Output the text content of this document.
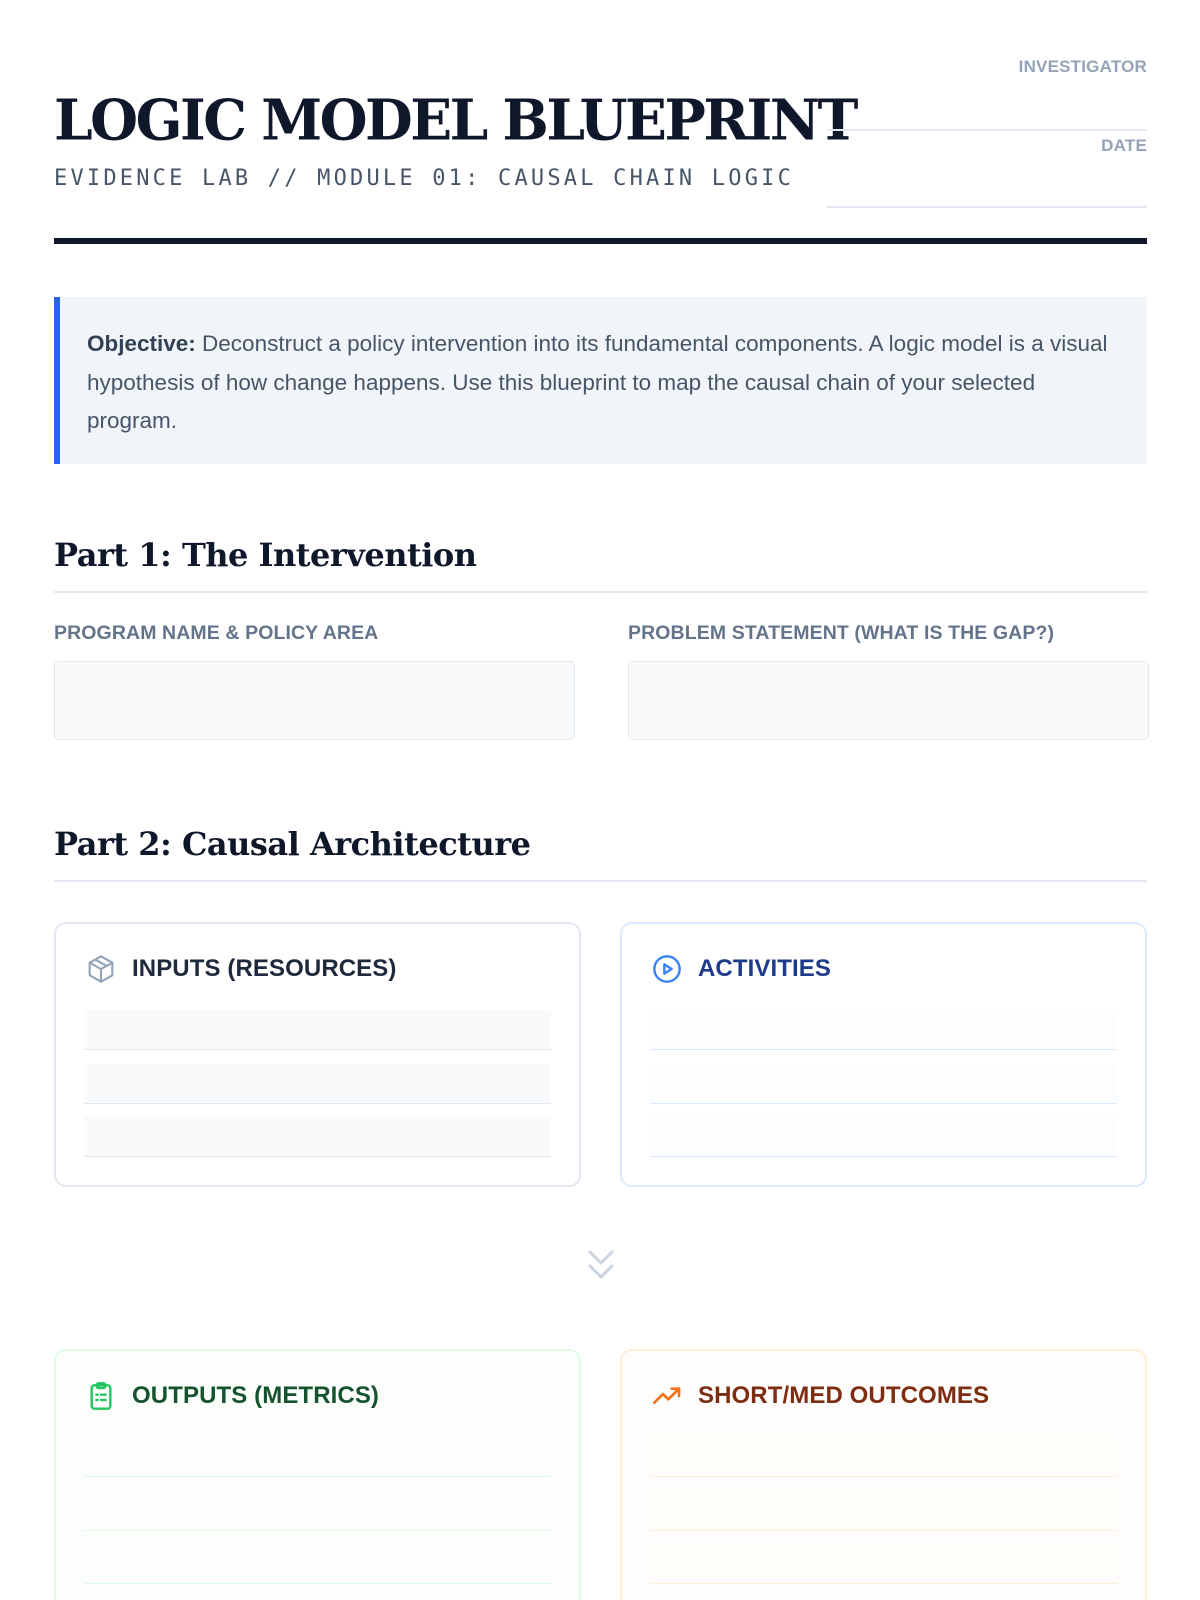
LOGIC MODEL BLUEPRINT
EVIDENCE LAB // MODULE 01: CAUSAL CHAIN LOGIC
INVESTIGATOR
DATE
Objective: Deconstruct a policy intervention into its fundamental components. A logic model is a visual hypothesis of how change happens. Use this blueprint to map the causal chain of your selected program.
Part 1: The Intervention
PROGRAM NAME & POLICY AREA	PROBLEM STATEMENT (WHAT IS THE GAP?)
Part 2: Causal Architecture
INPUTS (RESOURCES)	ACTIVITIES
OUTPUTS (METRICS)	SHORT/MED OUTCOMES
